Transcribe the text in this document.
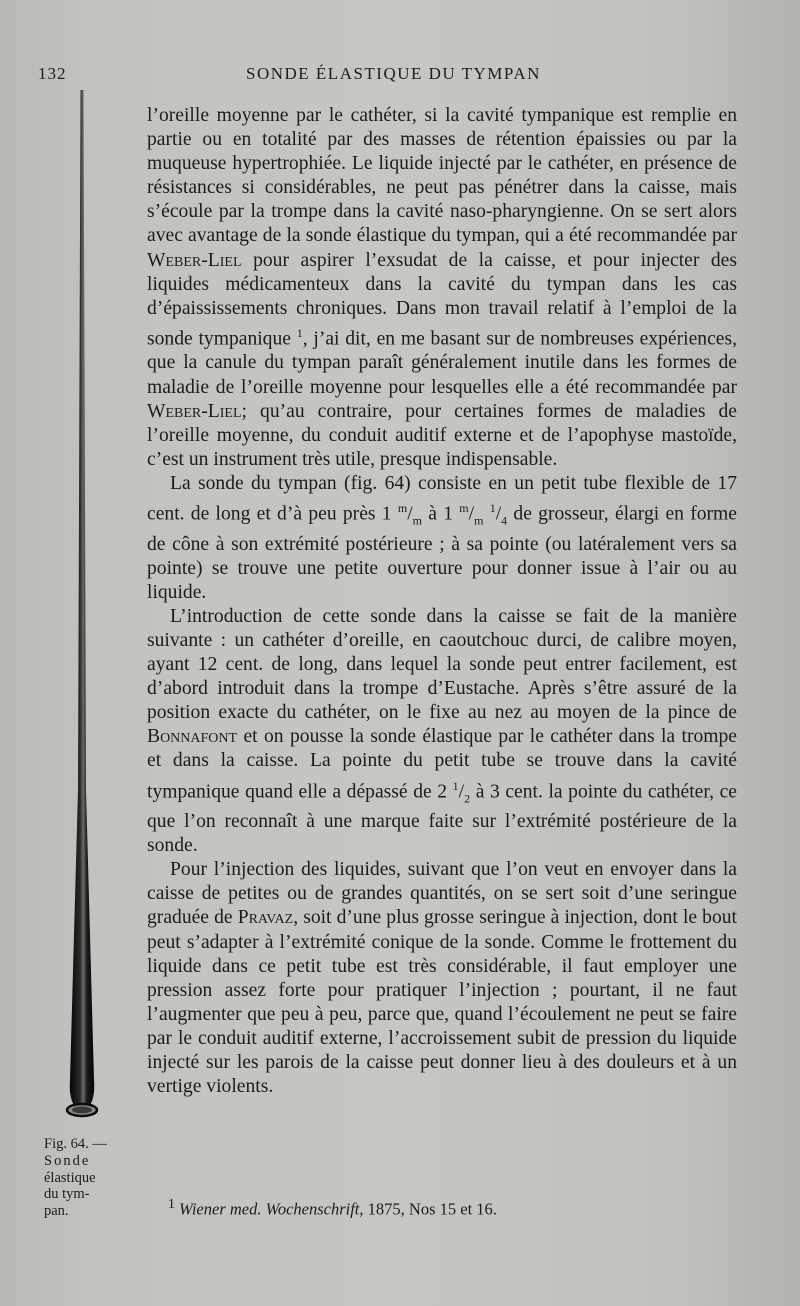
132	SONDE ÉLASTIQUE DU TYMPAN
Fig. 64. —
Sonde
élastique
du tym-
pan.

l’oreille moyenne par le cathéter, si la cavité tympanique est remplie en partie ou en totalité par des masses de rétention épaissies ou par la muqueuse hypertrophiée. Le liquide injecté par le cathéter, en présence de résistances si considérables, ne peut pas pénétrer dans la caisse, mais s’écoule par la trompe dans la cavité naso-pharyngienne. On se sert alors avec avantage de la sonde élastique du tympan, qui a été recommandée par Weber-Liel pour aspirer l’exsudat de la caisse, et pour injecter des liquides médicamenteux dans la cavité du tympan dans les cas d’épaississements chroniques. Dans mon travail relatif à l’emploi de la sonde tympanique $^1$, j’ai dit, en me basant sur de nombreuses expériences, que la canule du tympan paraît généralement inutile dans les formes de maladie de l’oreille moyenne pour lesquelles elle a été recommandée par Weber-Liel; qu’au contraire, pour certaines formes de maladies de l’oreille moyenne, du conduit auditif externe et de l’apophyse mastoïde, c’est un instrument très utile, presque indispensable.

La sonde du tympan (fig. 64) consiste en un petit tube flexible de 17 cent. de long et d’à peu près 1 $^m/_m$ à 1 $^m/_m$ $^1/_4$ de grosseur, élargi en forme de cône à son extrémité postérieure ; à sa pointe (ou latéralement vers sa pointe) se trouve une petite ouverture pour donner issue à l’air ou au liquide.

L’introduction de cette sonde dans la caisse se fait de la manière suivante : un cathéter d’oreille, en caoutchouc durci, de calibre moyen, ayant 12 cent. de long, dans lequel la sonde peut entrer facilement, est d’abord introduit dans la trompe d’Eustache. Après s’être assuré de la position exacte du cathéter, on le fixe au nez au moyen de la pince de Bonnafont et on pousse la sonde élastique par le cathéter dans la trompe et dans la caisse. La pointe du petit tube se trouve dans la cavité tympanique quand elle a dépassé de 2 $^1/_2$ à 3 cent. la pointe du cathéter, ce que l’on reconnaît à une marque faite sur l’extrémité postérieure de la sonde.

Pour l’injection des liquides, suivant que l’on veut en envoyer dans la caisse de petites ou de grandes quantités, on se sert soit d’une seringue graduée de Pravaz, soit d’une plus grosse seringue à injection, dont le bout peut s’adapter à l’extrémité conique de la sonde. Comme le frottement du liquide dans ce petit tube est très considérable, il faut employer une pression assez forte pour pratiquer l’injection ; pourtant, il ne faut l’augmenter que peu à peu, parce que, quand l’écoulement ne peut se faire par le conduit auditif externe, l’accroissement subit de pression du liquide injecté sur les parois de la caisse peut donner lieu à des douleurs et à un vertige violents.

$^1$ Wiener med. Wochenschrift, 1875, Nos 15 et 16.
